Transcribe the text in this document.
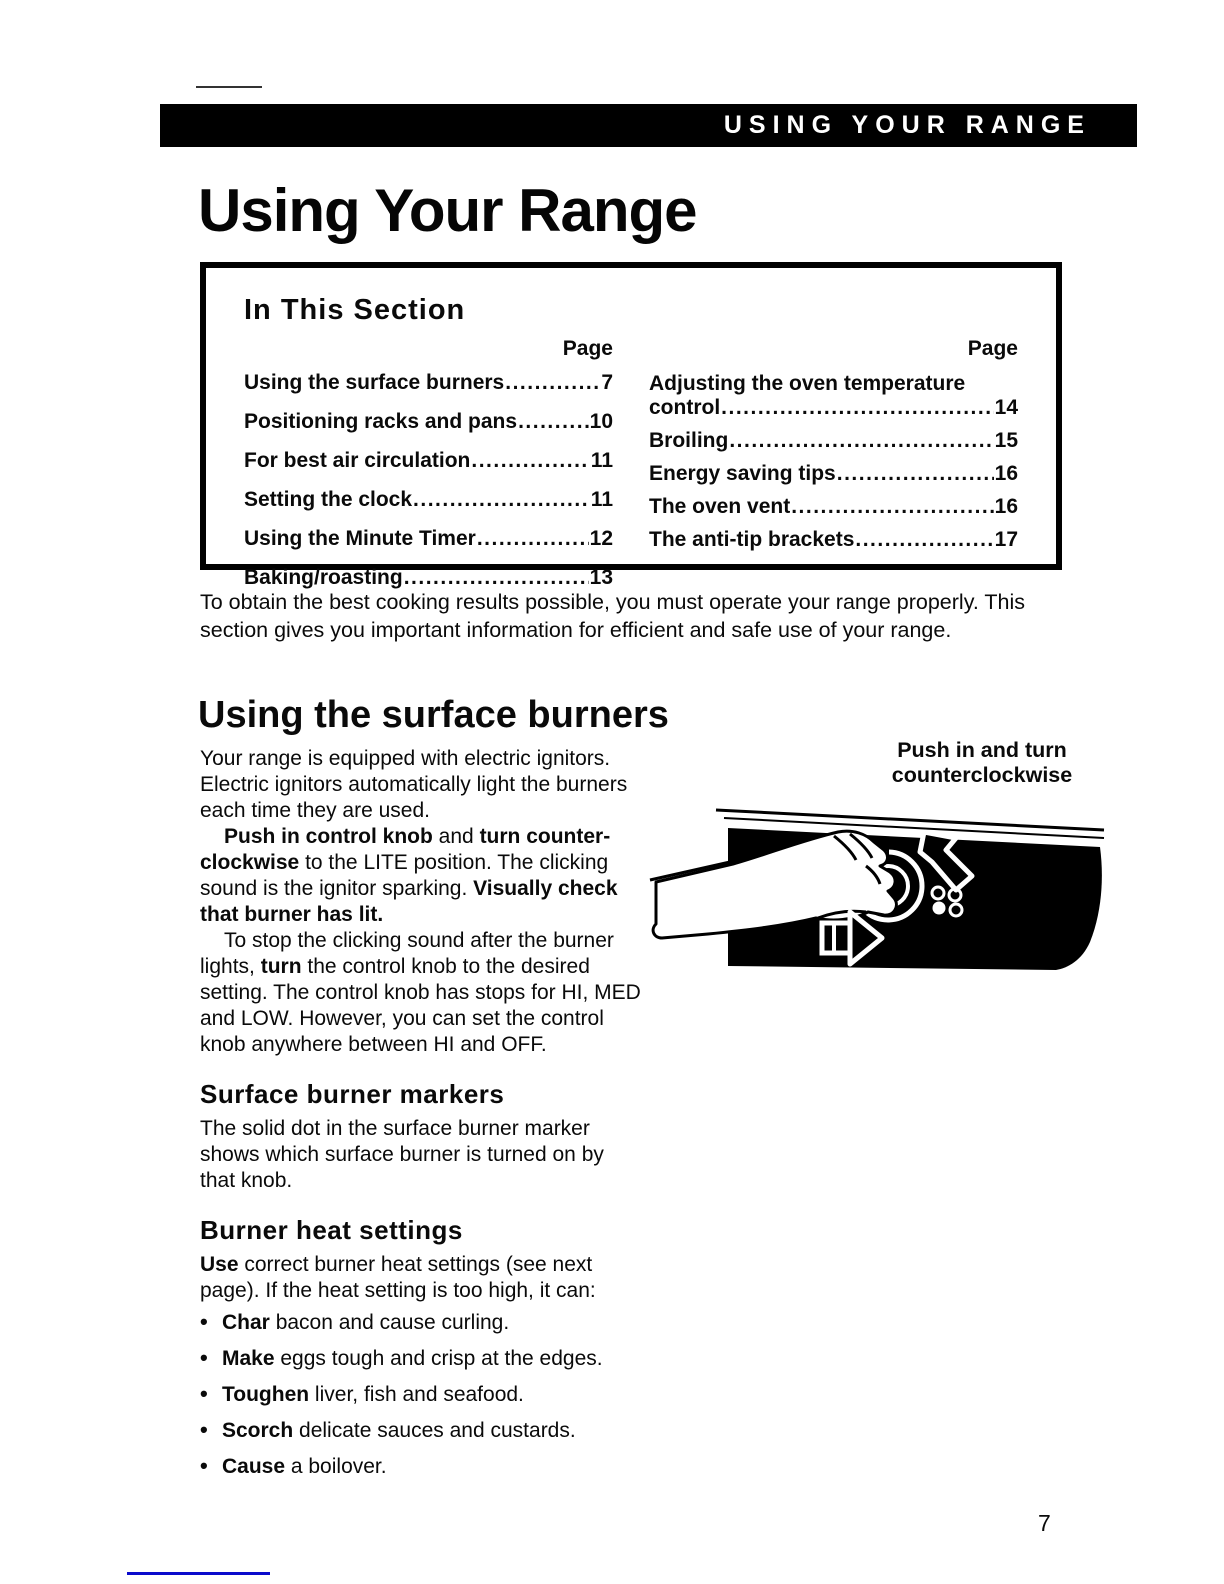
USING YOUR RANGE
Using Your Range
In This Section
Page
Using the surface burners .....	7
Positioning racks and pans .....	10
For best air circulation .....	11
Setting the clock .....	11
Using the Minute Timer .....	12
Baking/roasting .....	13
Page
Adjusting the oven temperature
control .....	14
Broiling .....	15
Energy saving tips .....	16
The oven vent .....	16
The anti-tip brackets .....	17

To obtain the best cooking results possible, you must operate your range properly. This section gives you important information for efficient and safe use of your range.

Using the surface burners

Your range is equipped with electric ignitors. Electric ignitors automatically light the burners each time they are used.

Push in control knob and turn counter-clockwise to the LITE position. The clicking sound is the ignitor sparking. Visually check that burner has lit.

To stop the clicking sound after the burner lights, turn the control knob to the desired setting. The control knob has stops for HI, MED and LOW. However, you can set the control knob anywhere between HI and OFF.

Surface burner markers

The solid dot in the surface burner marker shows which surface burner is turned on by that knob.

Burner heat settings

Use correct burner heat settings (see next page). If the heat setting is too high, it can:

• Char bacon and cause curling.
• Make eggs tough and crisp at the edges.
• Toughen liver, fish and seafood.
• Scorch delicate sauces and custards.
• Cause a boilover.
Push in and turn counterclockwise
7
